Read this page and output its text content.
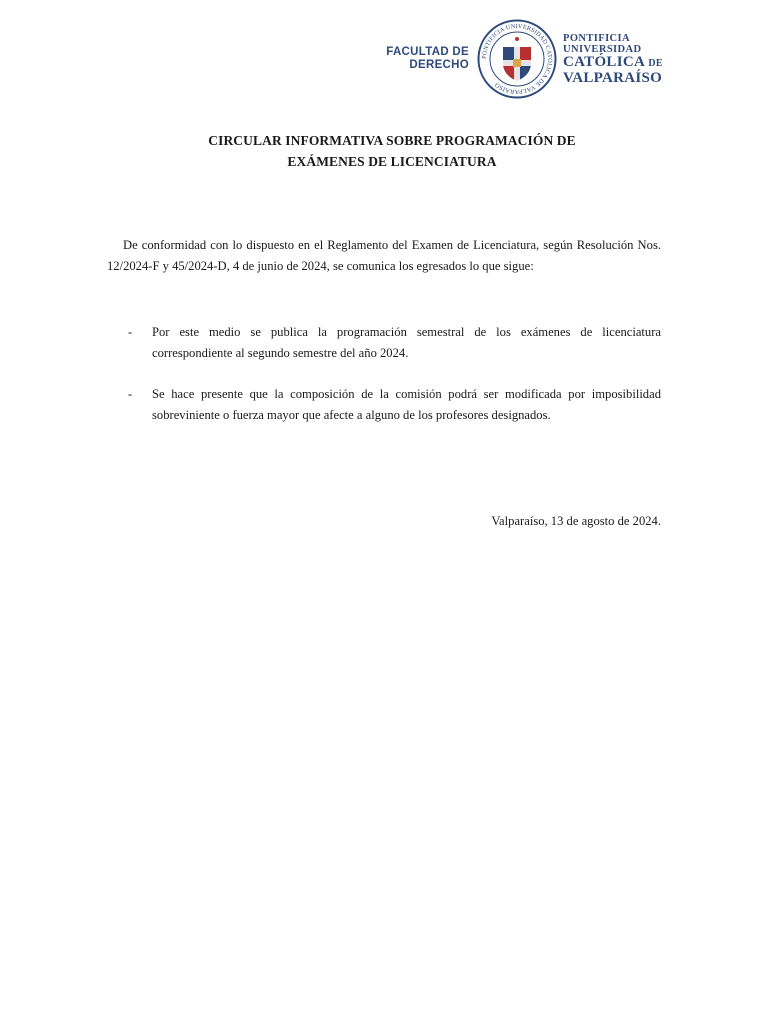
FACULTAD DE
DERECHO
PONTIFICIA UNIVERSIDAD CATÓLICA DE VALPARAÍSO
PONTIFICIA
UNIVERSIDAD
CATÓLICA DE
VALPARAÍSO
CIRCULAR INFORMATIVA SOBRE PROGRAMACIÓN DE
EXÁMENES DE LICENCIATURA

De conformidad con lo dispuesto en el Reglamento del Examen de Licenciatura, según Resolución Nos. 12/2024-F y 45/2024-D, 4 de junio de 2024, se comunica los egresados lo que sigue:

-	Por este medio se publica la programación semestral de los exámenes de licenciatura correspondiente al segundo semestre del año 2024.

-	Se hace presente que la composición de la comisión podrá ser modificada por imposibilidad sobreviniente o fuerza mayor que afecte a alguno de los profesores designados.

Valparaíso, 13 de agosto de 2024.
